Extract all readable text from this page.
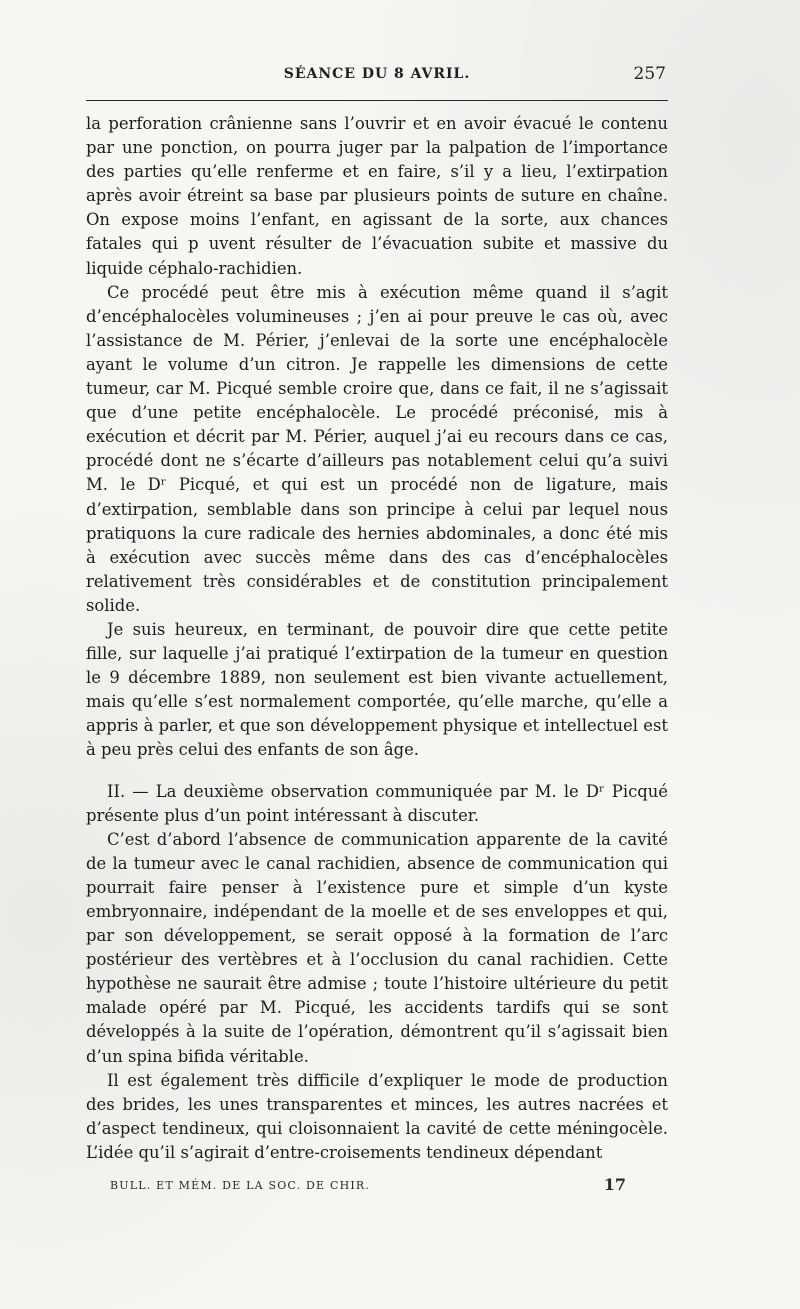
SÉANCE DU 8 AVRIL.	257

la perforation crânienne sans l’ouvrir et en avoir évacué le contenu par une ponction, on pourra juger par la palpation de l’importance des parties qu’elle renferme et en faire, s’il y a lieu, l’extirpation après avoir étreint sa base par plusieurs points de suture en chaîne. On expose moins l’enfant, en agissant de la sorte, aux chances fatales qui p uvent résulter de l’évacuation subite et massive du liquide céphalo-rachidien.

Ce procédé peut être mis à exécution même quand il s’agit d’encéphalocèles volumineuses ; j’en ai pour preuve le cas où, avec l’assistance de M. Périer, j’enlevai de la sorte une encéphalocèle ayant le volume d’un citron. Je rappelle les dimensions de cette tumeur, car M. Picqué semble croire que, dans ce fait, il ne s’agissait que d’une petite encéphalocèle. Le procédé préconisé, mis à exécution et décrit par M. Périer, auquel j’ai eu recours dans ce cas, procédé dont ne s’écarte d’ailleurs pas notablement celui qu’a suivi M. le Dʳ Picqué, et qui est un procédé non de ligature, mais d’extirpation, semblable dans son principe à celui par lequel nous pratiquons la cure radicale des hernies abdominales, a donc été mis à exécution avec succès même dans des cas d’encéphalocèles relativement très considérables et de constitution principalement solide.

Je suis heureux, en terminant, de pouvoir dire que cette petite fille, sur laquelle j’ai pratiqué l’extirpation de la tumeur en question le 9 décembre 1889, non seulement est bien vivante actuellement, mais qu’elle s’est normalement comportée, qu’elle marche, qu’elle a appris à parler, et que son développement physique et intellectuel est à peu près celui des enfants de son âge.

II. — La deuxième observation communiquée par M. le Dʳ Picqué présente plus d’un point intéressant à discuter.

C’est d’abord l’absence de communication apparente de la cavité de la tumeur avec le canal rachidien, absence de communication qui pourrait faire penser à l’existence pure et simple d’un kyste embryonnaire, indépendant de la moelle et de ses enveloppes et qui, par son développement, se serait opposé à la formation de l’arc postérieur des vertèbres et à l’occlusion du canal rachidien. Cette hypothèse ne saurait être admise ; toute l’histoire ultérieure du petit malade opéré par M. Picqué, les accidents tardifs qui se sont développés à la suite de l’opération, démontrent qu’il s’agissait bien d’un spina bifida véritable.

Il est également très difficile d’expliquer le mode de production des brides, les unes transparentes et minces, les autres nacrées et d’aspect tendineux, qui cloisonnaient la cavité de cette méningocèle. L’idée qu’il s’agirait d’entre-croisements tendineux dépendant

BULL. ET MÉM. DE LA SOC. DE CHIR.	17
